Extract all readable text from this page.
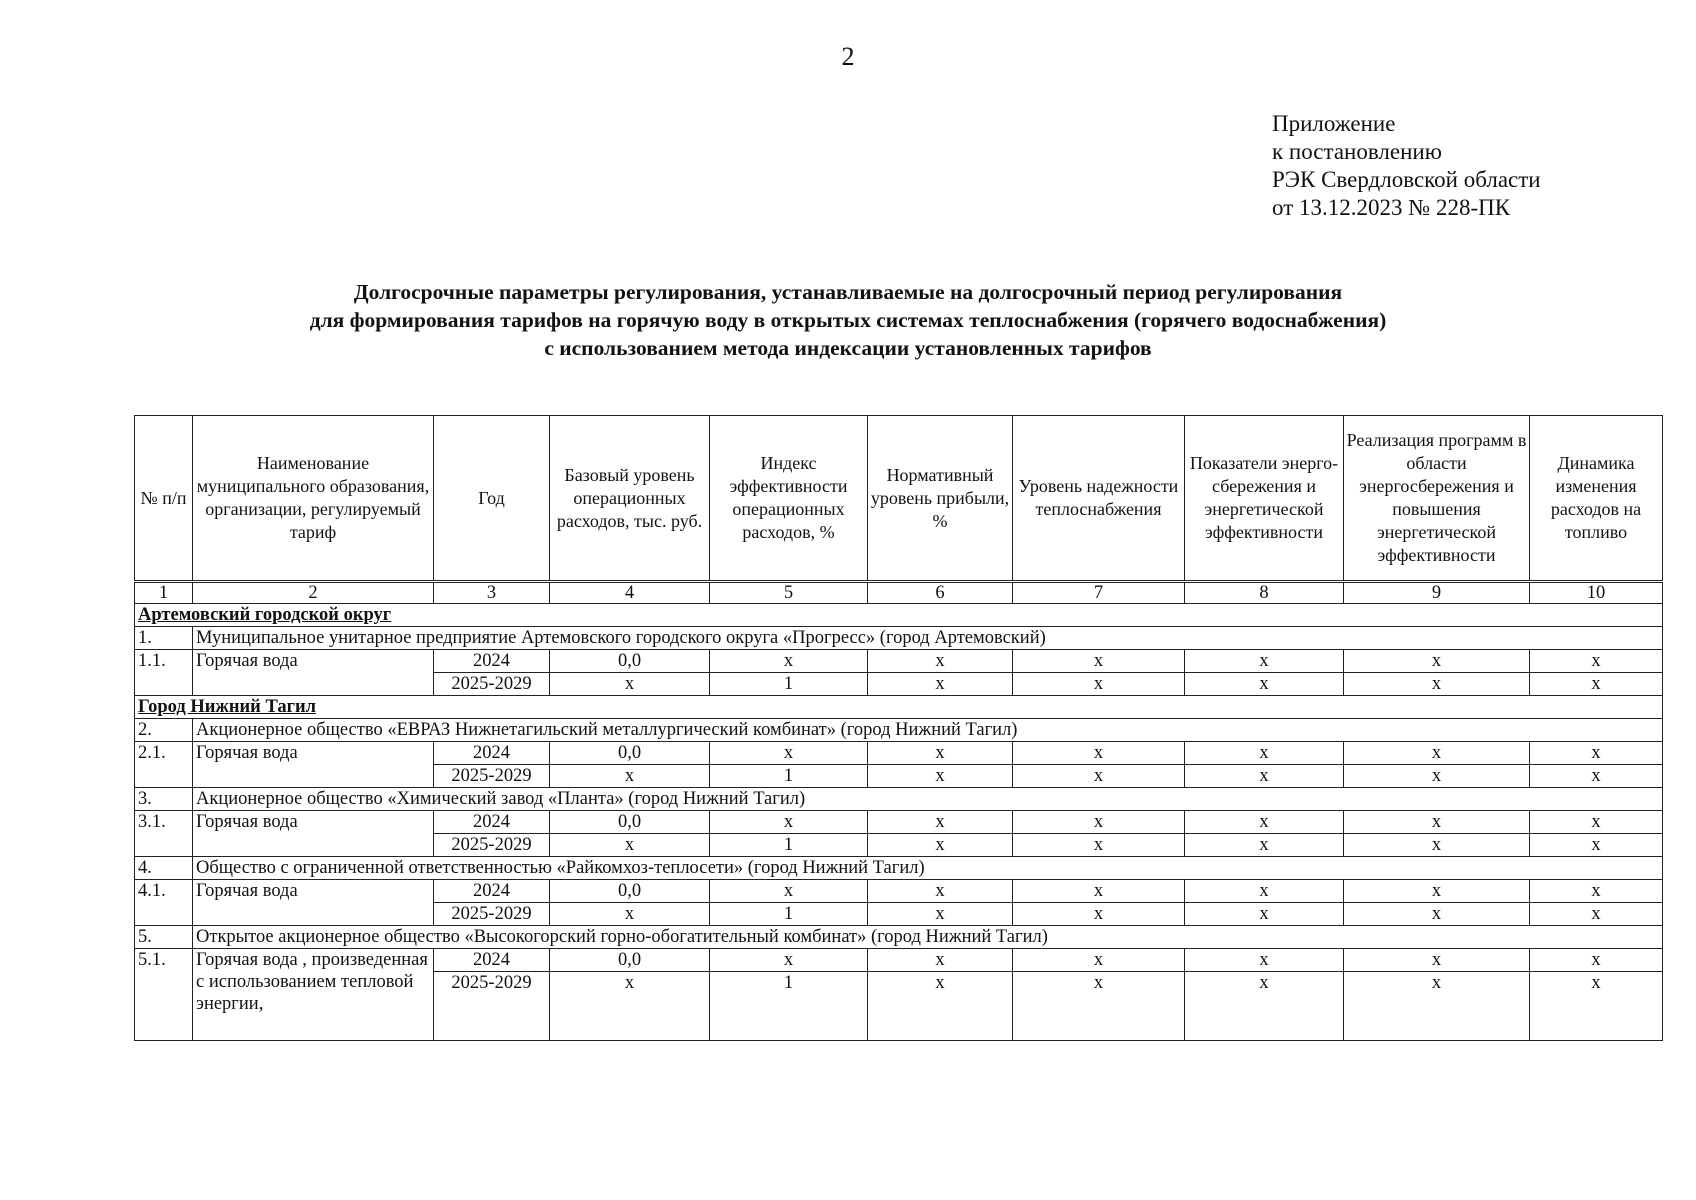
2
Приложение
к постановлению
РЭК Свердловской области
от 13.12.2023 № 228-ПК
Долгосрочные параметры регулирования, устанавливаемые на долгосрочный период регулирования
для формирования тарифов на горячую воду в открытых системах теплоснабжения (горячего водоснабжения)
с использованием метода индексации установленных тарифов
№ п/п	Наименование муниципального образования, организации, регулируемый тариф	Год	Базовый уровень операционных расходов, тыс. руб.	Индекс эффективности операционных расходов, %	Нормативный уровень прибыли, %	Уровень надежности теплоснабжения	Показатели энерго-сбережения и энергетической эффективности	Реализация программ в области энергосбережения и повышения энергетической эффективности	Динамика изменения расходов на топливо
1	2	3	4	5	6	7	8	9	10
Артемовский городской округ									
1.	Муниципальное унитарное предприятие Артемовского городского округа «Прогресс» (город Артемовский)								
1.1.	Горячая вода	2024	0,0	х	х	х	х	х	х
		2025-2029	х	1	х	х	х	х	х
Город Нижний Тагил									
2.	Акционерное общество «ЕВРАЗ Нижнетагильский металлургический комбинат» (город Нижний Тагил)								
2.1.	Горячая вода	2024	0,0	х	х	х	х	х	х
		2025-2029	х	1	х	х	х	х	х
3.	Акционерное общество «Химический завод «Планта» (город Нижний Тагил)								
3.1.	Горячая вода	2024	0,0	х	х	х	х	х	х
		2025-2029	х	1	х	х	х	х	х
4.	Общество с ограниченной ответственностью «Райкомхоз-теплосети» (город Нижний Тагил)								
4.1.	Горячая вода	2024	0,0	х	х	х	х	х	х
		2025-2029	х	1	х	х	х	х	х
5.	Открытое акционерное общество «Высокогорский горно-обогатительный комбинат» (город Нижний Тагил)								
5.1.	Горячая вода , произведенная с использованием тепловой энергии,	2024	0,0	х	х	х	х	х	х
		2025-2029	х	1	х	х	х	х	х
